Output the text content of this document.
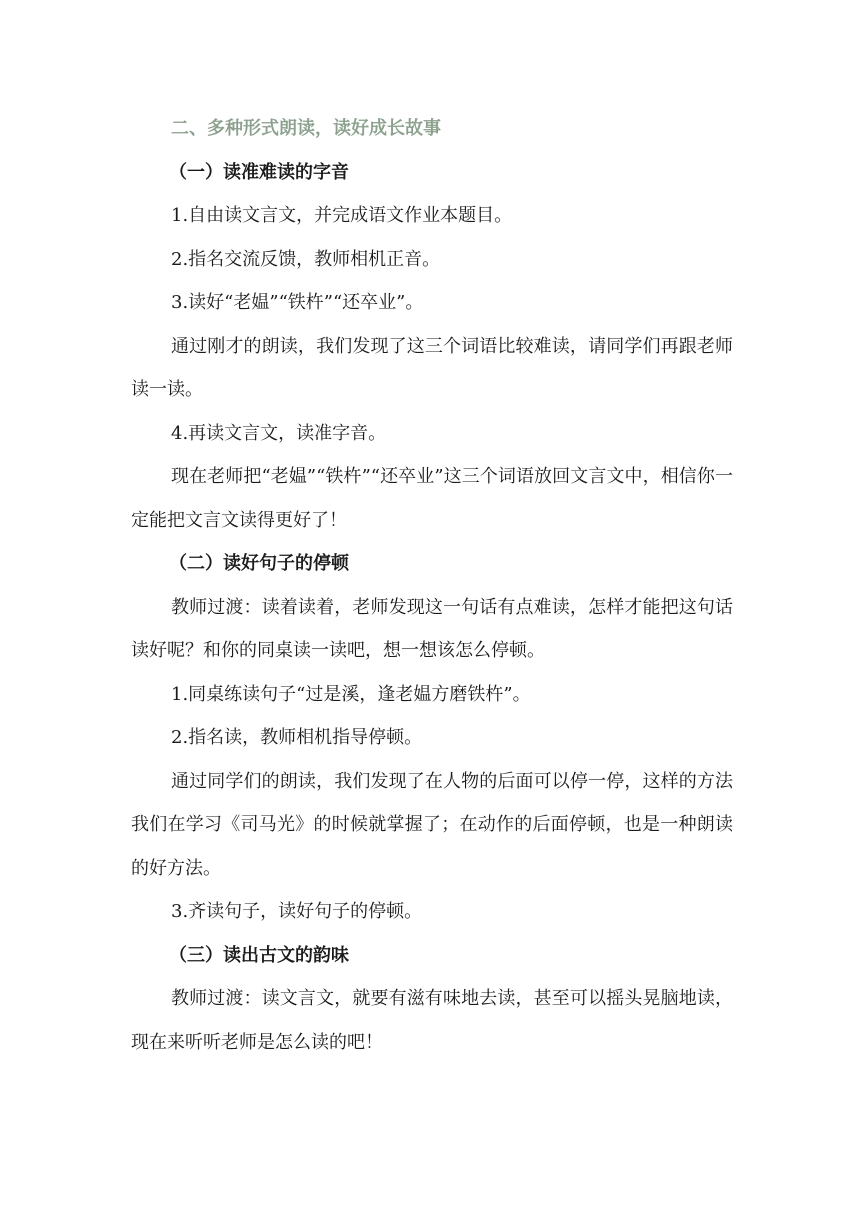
二、多种形式朗读，读好成长故事

（一）读准难读的字音

1.自由读文言文，并完成语文作业本题目。

2.指名交流反馈，教师相机正音。

3.读好“老媪”“铁杵”“还卒业”。

通过刚才的朗读，我们发现了这三个词语比较难读，请同学们再跟老师读一读。

4.再读文言文，读准字音。

现在老师把“老媪”“铁杵”“还卒业”这三个词语放回文言文中，相信你一定能把文言文读得更好了！

（二）读好句子的停顿

教师过渡：读着读着，老师发现这一句话有点难读，怎样才能把这句话读好呢？和你的同桌读一读吧，想一想该怎么停顿。

1.同桌练读句子“过是溪，逢老媪方磨铁杵”。

2.指名读，教师相机指导停顿。

通过同学们的朗读，我们发现了在人物的后面可以停一停，这样的方法我们在学习《司马光》的时候就掌握了；在动作的后面停顿，也是一种朗读的好方法。

3.齐读句子，读好句子的停顿。

（三）读出古文的韵味

教师过渡：读文言文，就要有滋有味地去读，甚至可以摇头晃脑地读，现在来听听老师是怎么读的吧！
